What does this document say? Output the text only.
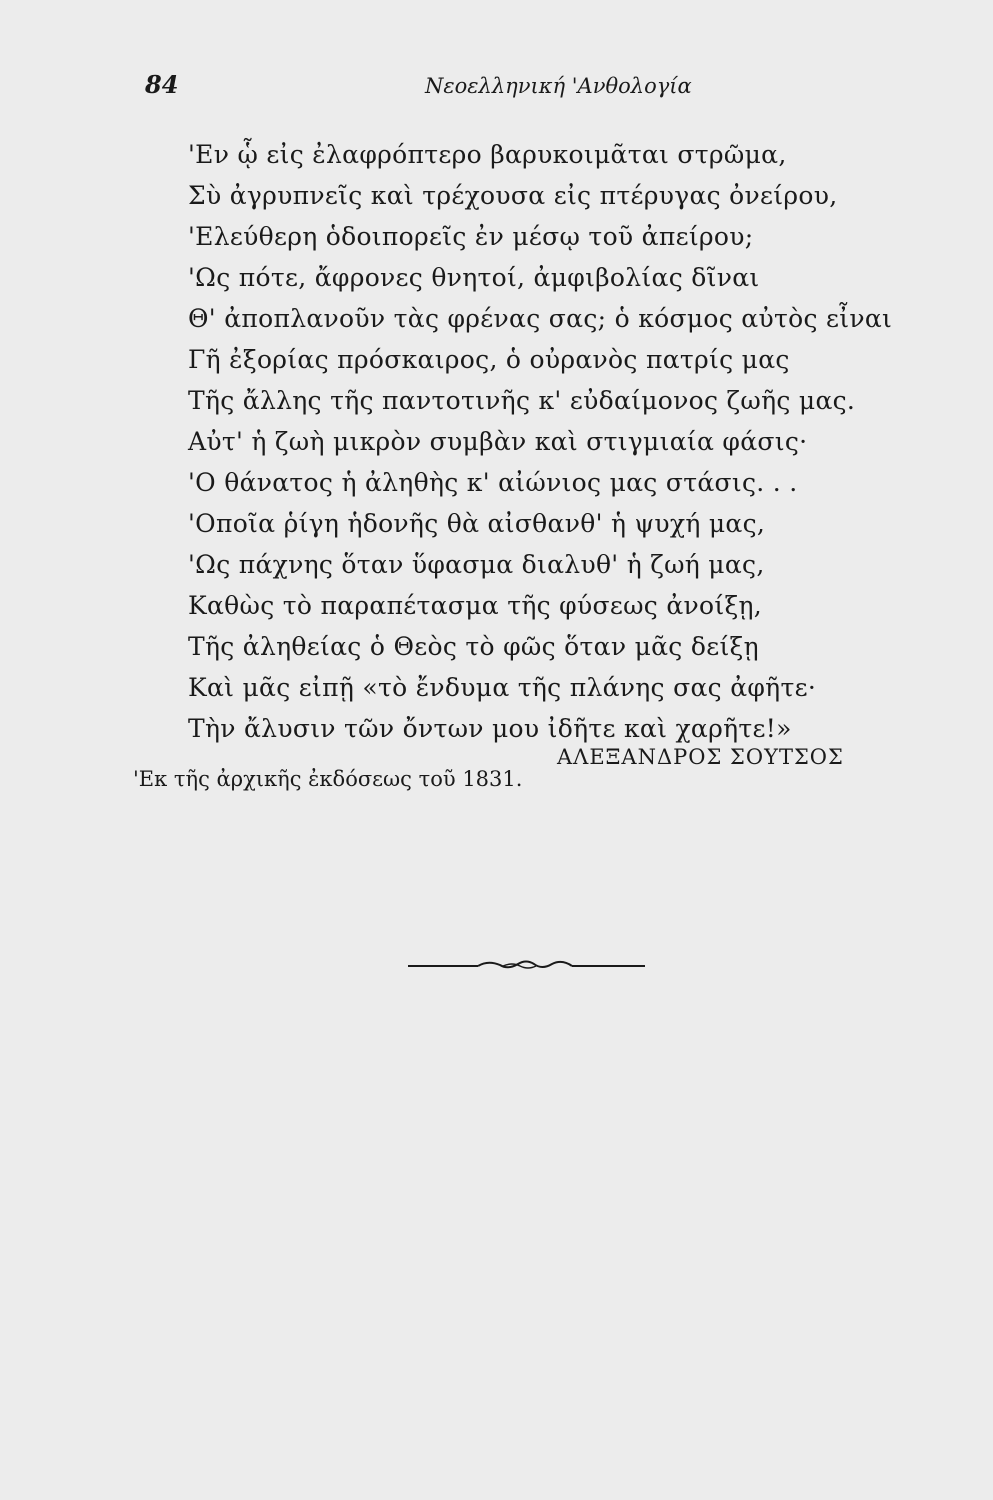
84	Νεοελληνική 'Ανθολογία
'Εν ᾧ εἰς ἐλαφρόπτερο βαρυκοιμᾶται στρῶμα,
Σὺ ἀγρυπνεῖς καὶ τρέχουσα εἰς πτέρυγας ὀνείρου,
'Ελεύθερη ὁδοιπορεῖς ἐν μέσῳ τοῦ ἀπείρου;
'Ως πότε, ἄφρονες θνητοί, ἀμφιβολίας δῖναι
Θ' ἀποπλανοῦν τὰς φρένας σας; ὁ κόσμος αὐτὸς εἶναι
Γῆ ἐξορίας πρόσκαιρος, ὁ οὐρανὸς πατρίς μας
Τῆς ἄλλης τῆς παντοτινῆς κ' εὐδαίμονος ζωῆς μας.
Αὐτ' ἡ ζωὴ μικρὸν συμβὰν καὶ στιγμιαία φάσις·
'Ο θάνατος ἡ ἀληθὴς κ' αἰώνιος μας στάσις. . .
'Οποῖα ῥίγη ἡδονῆς θὰ αἰσθανθ' ἡ ψυχή μας,
'Ως πάχνης ὅταν ὕφασμα διαλυθ' ἡ ζωή μας,
Καθὼς τὸ παραπέτασμα τῆς φύσεως ἀνοίξῃ,
Τῆς ἀληθείας ὁ Θεὸς τὸ φῶς ὅταν μᾶς δείξῃ
Καὶ μᾶς εἰπῇ «τὸ ἔνδυμα τῆς πλάνης σας ἀφῆτε·
Τὴν ἄλυσιν τῶν ὄντων μου ἰδῆτε καὶ χαρῆτε!»
ΑΛΕΞΑΝΔΡΟΣ ΣΟΥΤΣΟΣ
'Εκ τῆς ἀρχικῆς ἐκδόσεως τοῦ 1831.
